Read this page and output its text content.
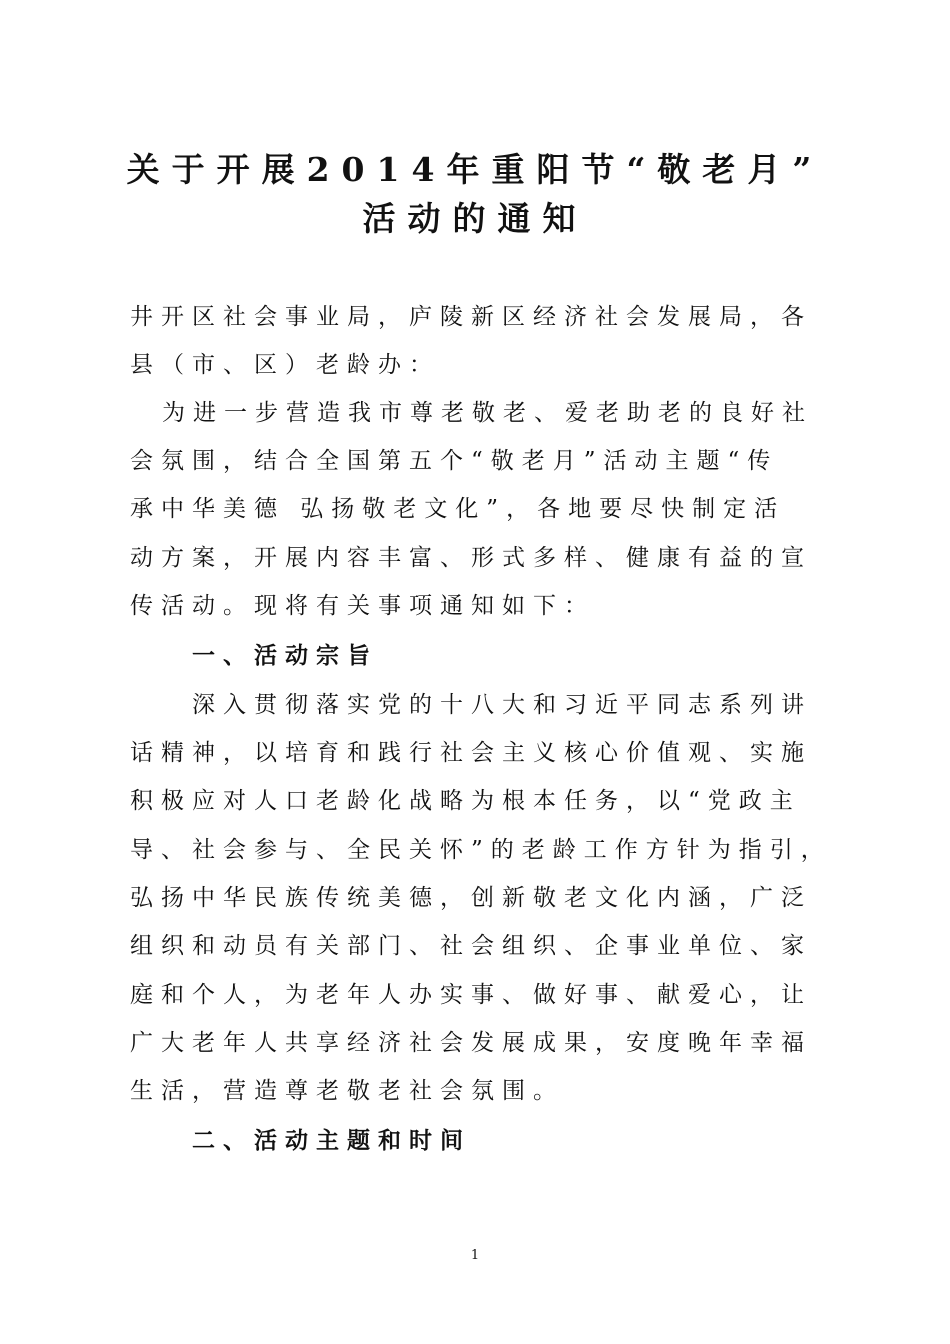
关于开展2014年重阳节“敬老月”
活动的通知
井开区社会事业局，庐陵新区经济社会发展局，各
县（市、区）老龄办：
为进一步营造我市尊老敬老、爱老助老的良好社
会氛围，结合全国第五个“敬老月”活动主题“传
承中华美德 弘扬敬老文化”，各地要尽快制定活
动方案，开展内容丰富、形式多样、健康有益的宣
传活动。现将有关事项通知如下：
一、活动宗旨
深入贯彻落实党的十八大和习近平同志系列讲
话精神，以培育和践行社会主义核心价值观、实施
积极应对人口老龄化战略为根本任务，以“党政主
导、社会参与、全民关怀”的老龄工作方针为指引，
弘扬中华民族传统美德，创新敬老文化内涵，广泛
组织和动员有关部门、社会组织、企事业单位、家
庭和个人，为老年人办实事、做好事、献爱心，让
广大老年人共享经济社会发展成果，安度晚年幸福
生活，营造尊老敬老社会氛围。
二、活动主题和时间
1
